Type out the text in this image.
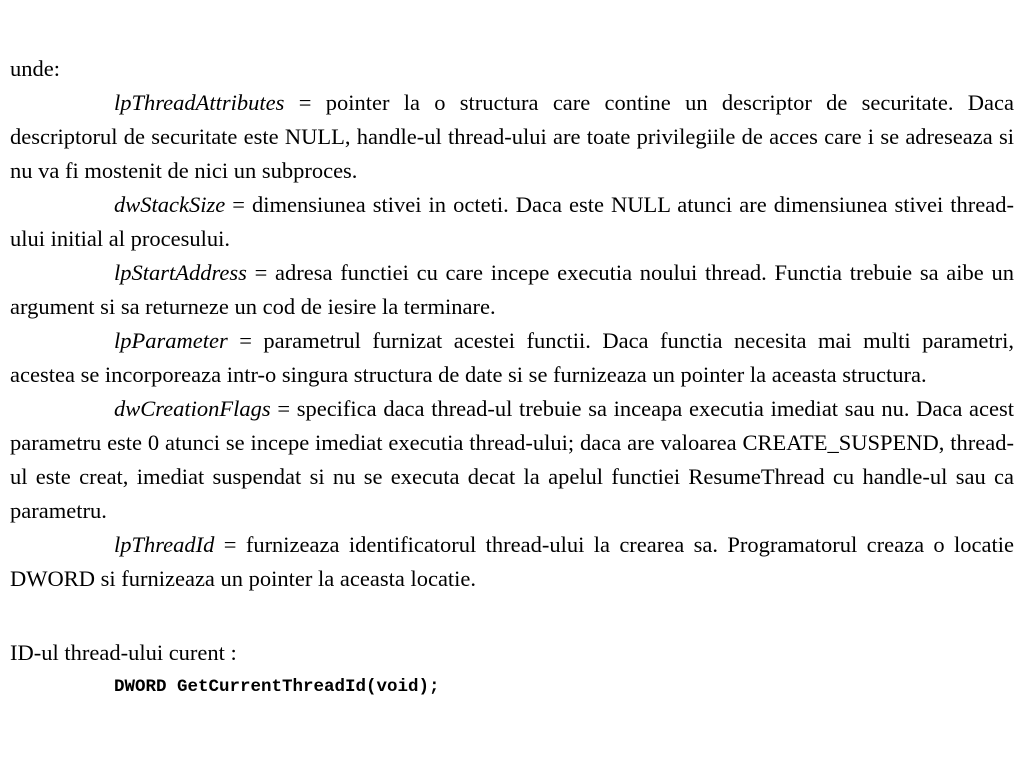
unde:

lpThreadAttributes = pointer la o structura care contine un descriptor de securitate. Daca descriptorul de securitate este NULL, handle-ul thread-ului are toate privilegiile de acces care i se adreseaza si nu va fi mostenit de nici un subproces.

dwStackSize = dimensiunea stivei in octeti. Daca este NULL atunci are dimensiunea stivei thread-ului initial al procesului.

lpStartAddress = adresa functiei cu care incepe executia noului thread. Functia trebuie sa aibe un argument si sa returneze un cod de iesire la terminare.

lpParameter = parametrul furnizat acestei functii. Daca functia necesita mai multi parametri, acestea se incorporeaza intr-o singura structura de date si se furnizeaza un pointer la aceasta structura.

dwCreationFlags = specifica daca thread-ul trebuie sa inceapa executia imediat sau nu. Daca acest parametru este 0 atunci se incepe imediat executia thread-ului; daca are valoarea CREATE_SUSPEND, thread-ul este creat, imediat suspendat si nu se executa decat la apelul functiei ResumeThread cu handle-ul sau ca parametru.

lpThreadId = furnizeaza identificatorul thread-ului la crearea sa. Programatorul creaza o locatie DWORD si furnizeaza un pointer la aceasta locatie.

ID-ul thread-ului curent :

DWORD GetCurrentThreadId(void);
